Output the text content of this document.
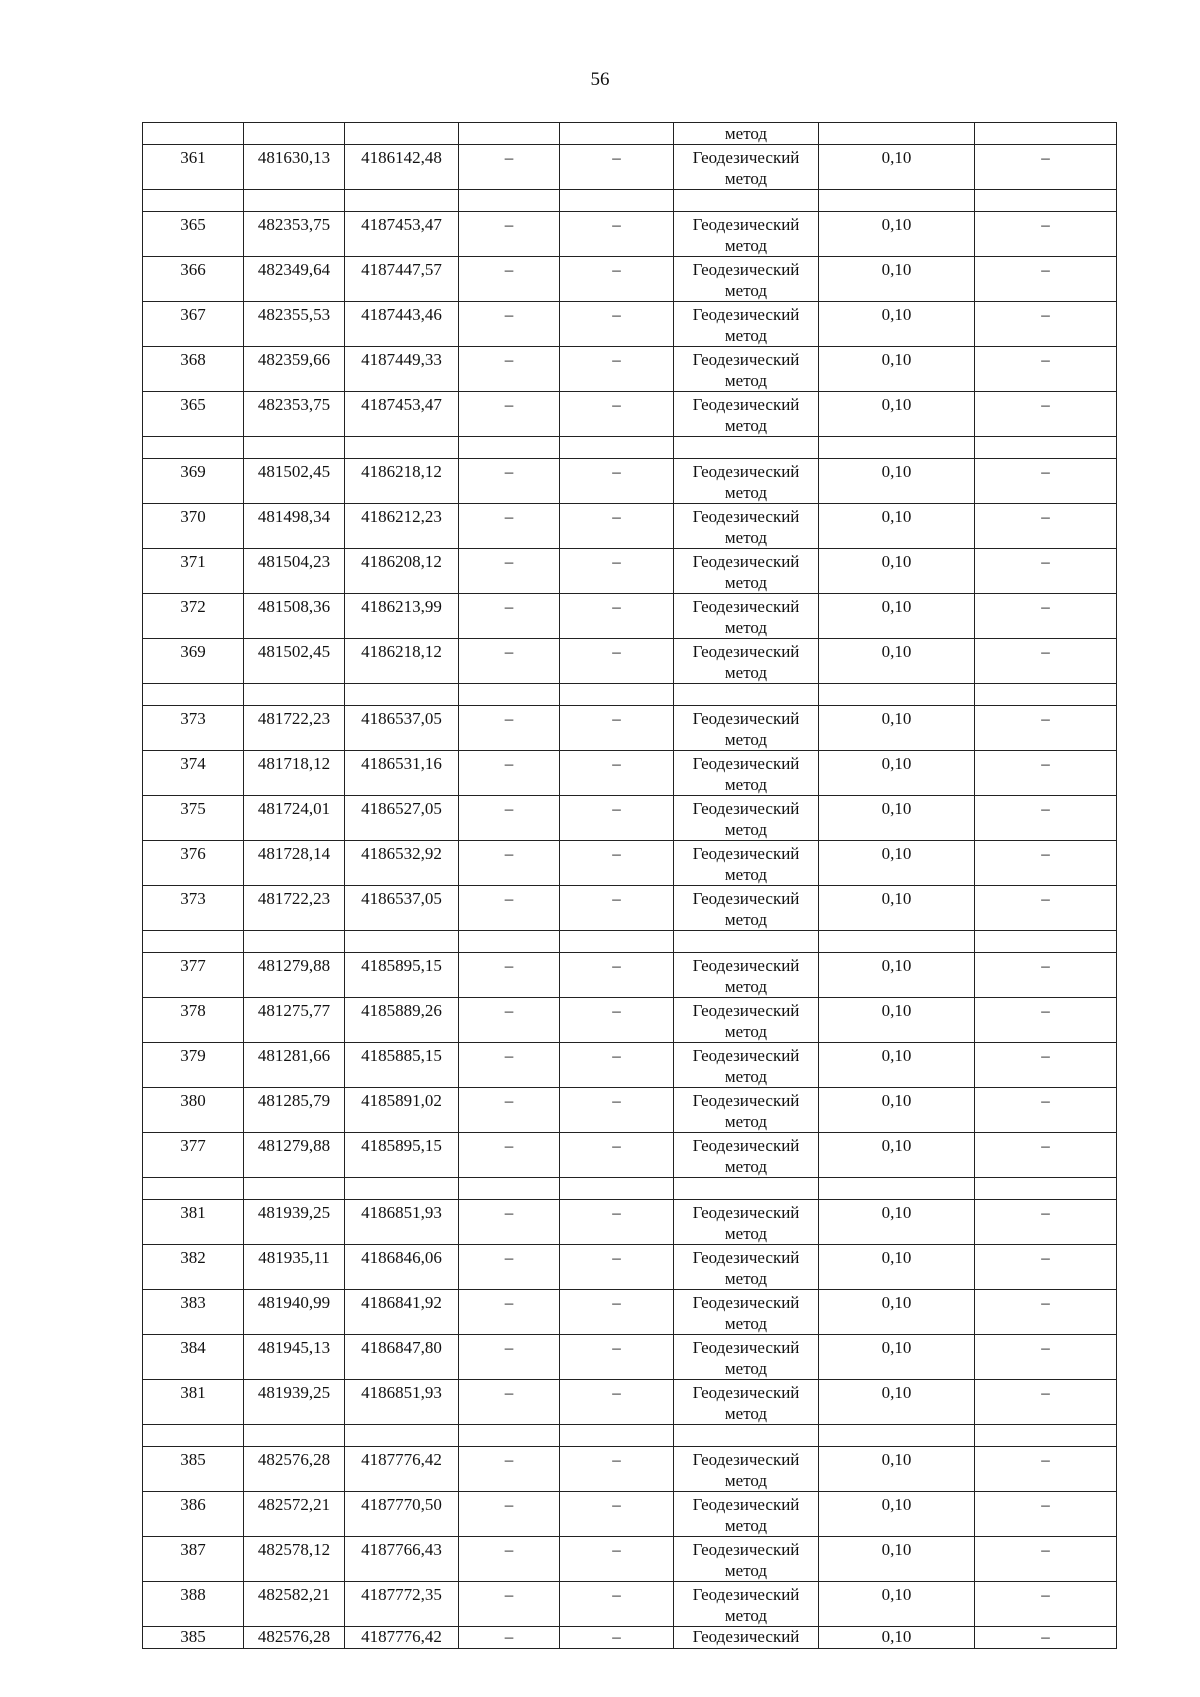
56
					метод		
361	481630,13	4186142,48	–	–	Геодезический
метод	0,10	–

365	482353,75	4187453,47	–	–	Геодезический
метод	0,10	–
366	482349,64	4187447,57	–	–	Геодезический
метод	0,10	–
367	482355,53	4187443,46	–	–	Геодезический
метод	0,10	–
368	482359,66	4187449,33	–	–	Геодезический
метод	0,10	–
365	482353,75	4187453,47	–	–	Геодезический
метод	0,10	–

369	481502,45	4186218,12	–	–	Геодезический
метод	0,10	–
370	481498,34	4186212,23	–	–	Геодезический
метод	0,10	–
371	481504,23	4186208,12	–	–	Геодезический
метод	0,10	–
372	481508,36	4186213,99	–	–	Геодезический
метод	0,10	–
369	481502,45	4186218,12	–	–	Геодезический
метод	0,10	–

373	481722,23	4186537,05	–	–	Геодезический
метод	0,10	–
374	481718,12	4186531,16	–	–	Геодезический
метод	0,10	–
375	481724,01	4186527,05	–	–	Геодезический
метод	0,10	–
376	481728,14	4186532,92	–	–	Геодезический
метод	0,10	–
373	481722,23	4186537,05	–	–	Геодезический
метод	0,10	–

377	481279,88	4185895,15	–	–	Геодезический
метод	0,10	–
378	481275,77	4185889,26	–	–	Геодезический
метод	0,10	–
379	481281,66	4185885,15	–	–	Геодезический
метод	0,10	–
380	481285,79	4185891,02	–	–	Геодезический
метод	0,10	–
377	481279,88	4185895,15	–	–	Геодезический
метод	0,10	–

381	481939,25	4186851,93	–	–	Геодезический
метод	0,10	–
382	481935,11	4186846,06	–	–	Геодезический
метод	0,10	–
383	481940,99	4186841,92	–	–	Геодезический
метод	0,10	–
384	481945,13	4186847,80	–	–	Геодезический
метод	0,10	–
381	481939,25	4186851,93	–	–	Геодезический
метод	0,10	–

385	482576,28	4187776,42	–	–	Геодезический
метод	0,10	–
386	482572,21	4187770,50	–	–	Геодезический
метод	0,10	–
387	482578,12	4187766,43	–	–	Геодезический
метод	0,10	–
388	482582,21	4187772,35	–	–	Геодезический
метод	0,10	–
385	482576,28	4187776,42	–	–	Геодезический	0,10	–
